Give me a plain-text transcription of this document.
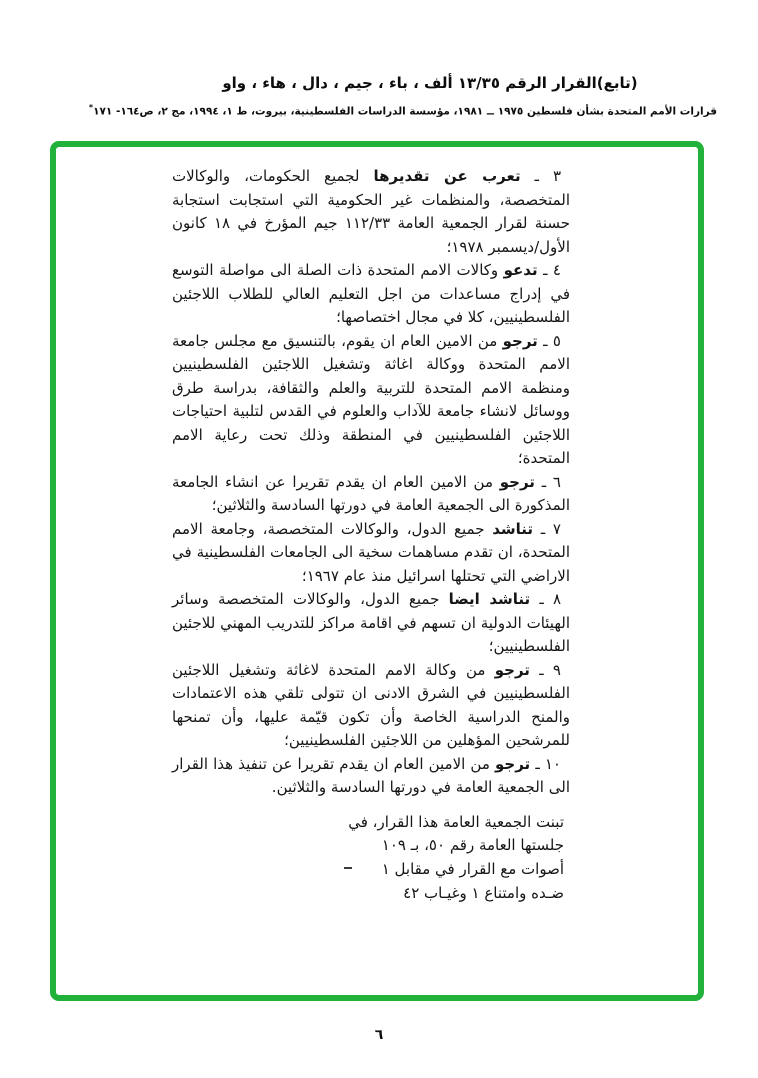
(تابع)القرار الرقم ١٣/٣٥ ألف ، باء ، جيم ، دال ، هاء ، واو
قرارات الأمم المتحدة بشأن فلسطين ١٩٧٥ ــ ١٩٨١، مؤسسة الدراسات الفلسطينية، بيروت، ط ١، ١٩٩٤، مج ٢، ص١٦٤- ١٧١*

٣ ـ تعرب عن تقديرها لجميع الحكومات، والوكالات المتخصصة، والمنظمات غير الحكومية التي استجابت استجابة حسنة لقرار الجمعية العامة ١١٢/٣٣ جيم المؤرخ في ١٨ كانون الأول/ديسمبر ١٩٧٨؛

٤ ـ تدعو وكالات الامم المتحدة ذات الصلة الى مواصلة التوسع في إدراج مساعدات من اجل التعليم العالي للطلاب اللاجئين الفلسطينيين، كلا في مجال اختصاصها؛

٥ ـ ترجو من الامين العام ان يقوم، بالتنسيق مع مجلس جامعة الامم المتحدة ووكالة اغاثة وتشغيل اللاجئين الفلسطينيين ومنظمة الامم المتحدة للتربية والعلم والثقافة، بدراسة طرق ووسائل لانشاء جامعة للآداب والعلوم في القدس لتلبية احتياجات اللاجئين الفلسطينيين في المنطقة وذلك تحت رعاية الامم المتحدة؛

٦ ـ ترجو من الامين العام ان يقدم تقريرا عن انشاء الجامعة المذكورة الى الجمعية العامة في دورتها السادسة والثلاثين؛

٧ ـ تناشد جميع الدول، والوكالات المتخصصة، وجامعة الامم المتحدة، ان تقدم مساهمات سخية الى الجامعات الفلسطينية في الاراضي التي تحتلها اسرائيل منذ عام ١٩٦٧؛

٨ ـ تناشد ايضا جميع الدول، والوكالات المتخصصة وسائر الهيئات الدولية ان تسهم في اقامة مراكز للتدريب المهني للاجئين الفلسطينيين؛

٩ ـ ترجو من وكالة الامم المتحدة لاغاثة وتشغيل اللاجئين الفلسطينيين في الشرق الادنى ان تتولى تلقي هذه الاعتمادات والمنح الدراسية الخاصة وأن تكون قيّمة عليها، وأن تمنحها للمرشحين المؤهلين من اللاجئين الفلسطينيين؛

١٠ ـ ترجو من الامين العام ان يقدم تقريرا عن تنفيذ هذا القرار الى الجمعية العامة في دورتها السادسة والثلاثين.

تبنت الجمعية العامة هذا القرار، في
جلستها العامة رقم ٥٠، بـ ١٠٩
أصوات مع القرار في مقابل ١
ضـده وامتناع ١ وغيـاب ٤٢
٦
